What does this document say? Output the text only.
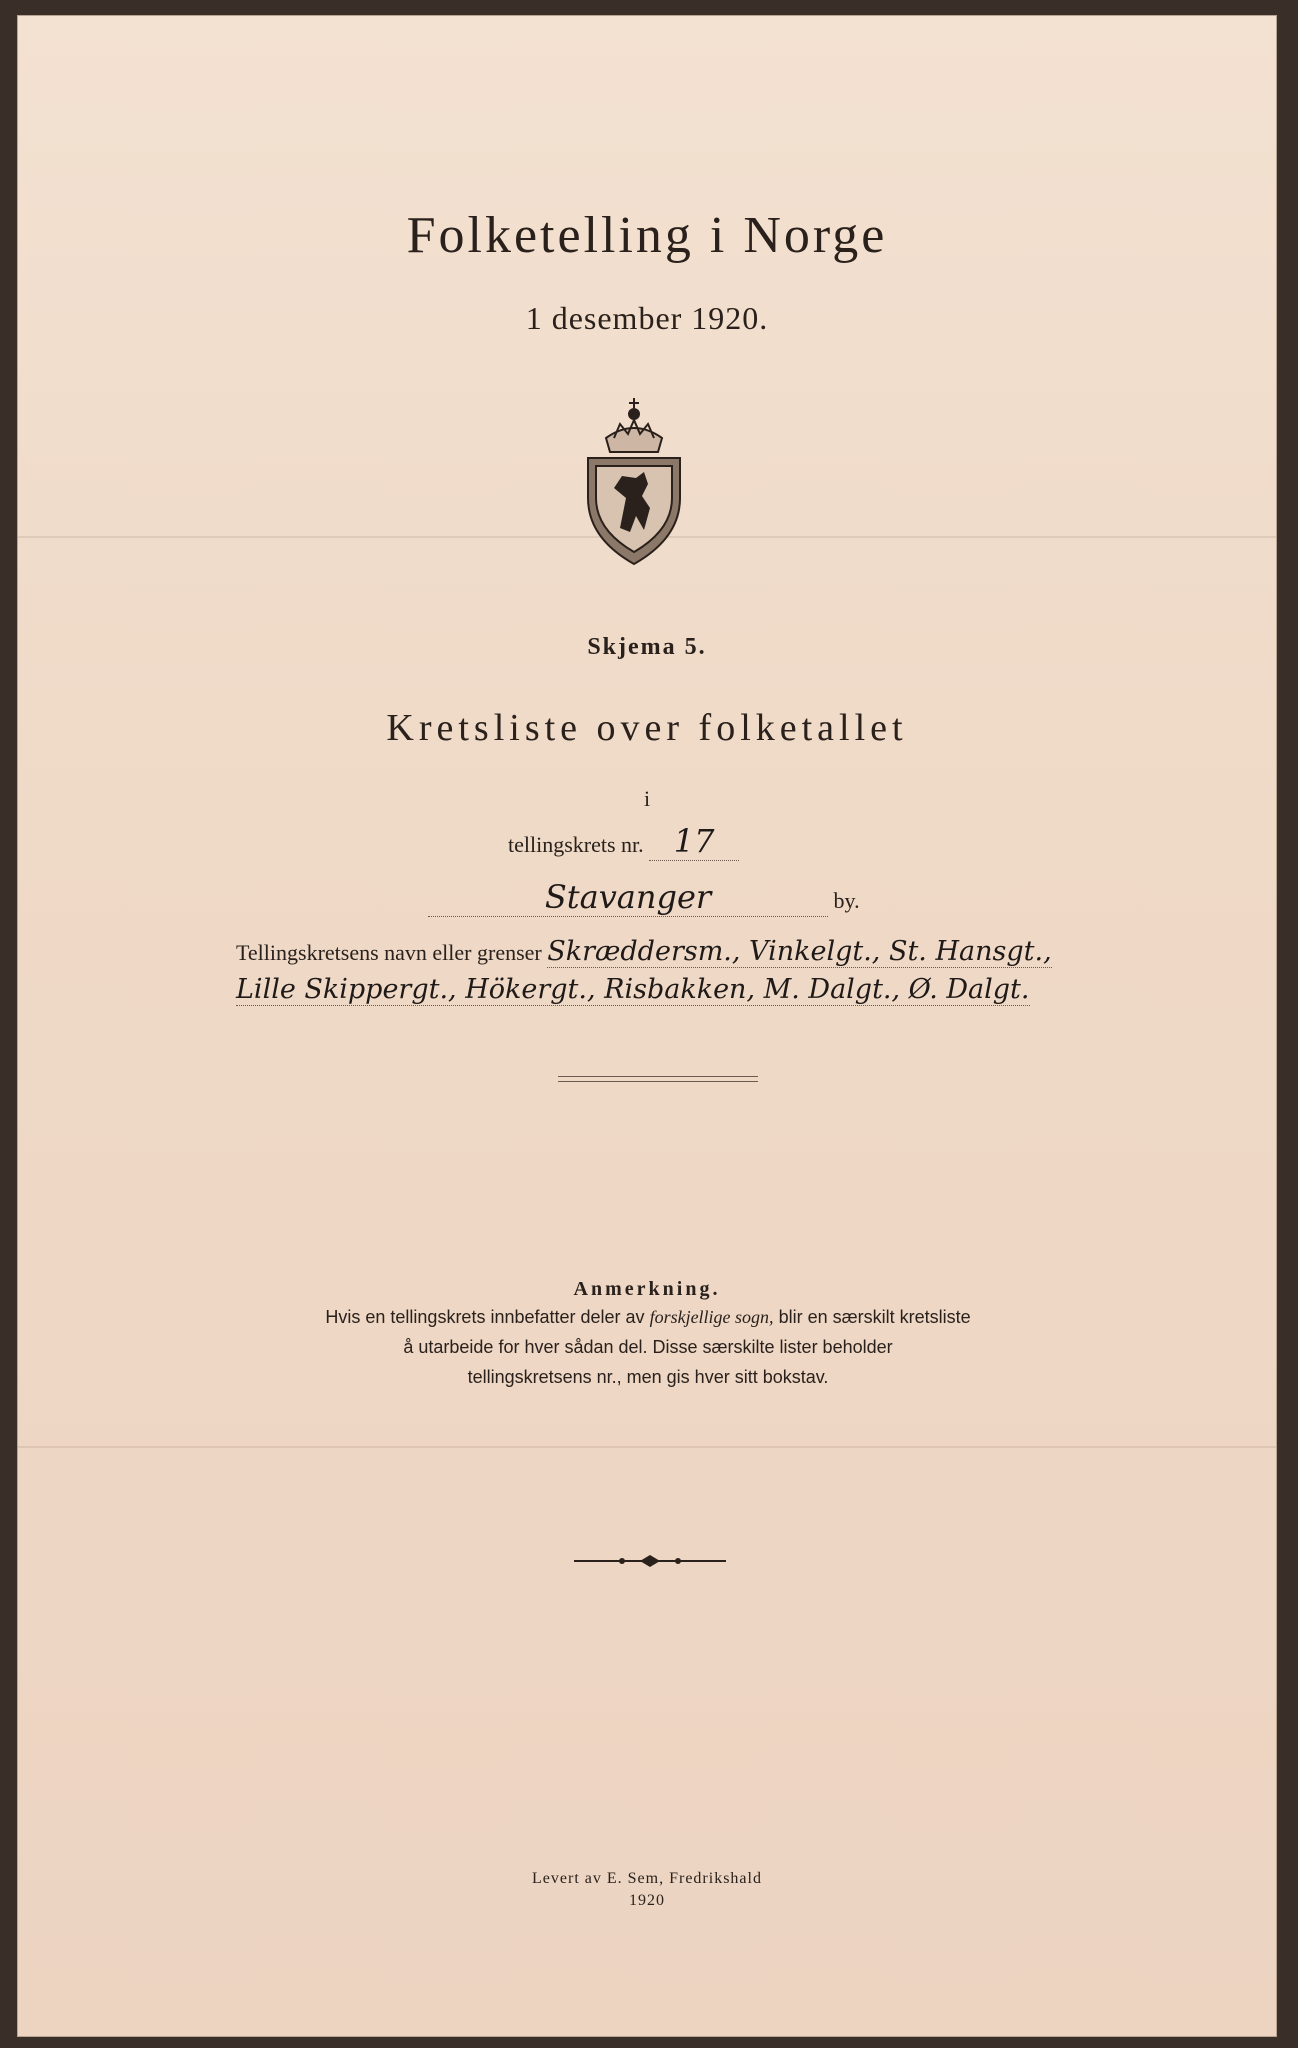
Folketelling i Norge
1 desember 1920.
Skjema 5.
Kretsliste over folketallet
i
tellingskrets nr. 17
Stavanger	by.
Tellingskretsens navn eller grenser Skræddersm., Vinkelgt., St. Hansgt.,
Lille Skippergt., Hökergt., Risbakken, M. Dalgt., Ø. Dalgt.
Anmerkning.
Hvis en tellingskrets innbefatter deler av forskjellige sogn, blir en særskilt kretsliste
å utarbeide for hver sådan del. Disse særskilte lister beholder
tellingskretsens nr., men gis hver sitt bokstav.
Levert av E. Sem, Fredrikshald
1920
